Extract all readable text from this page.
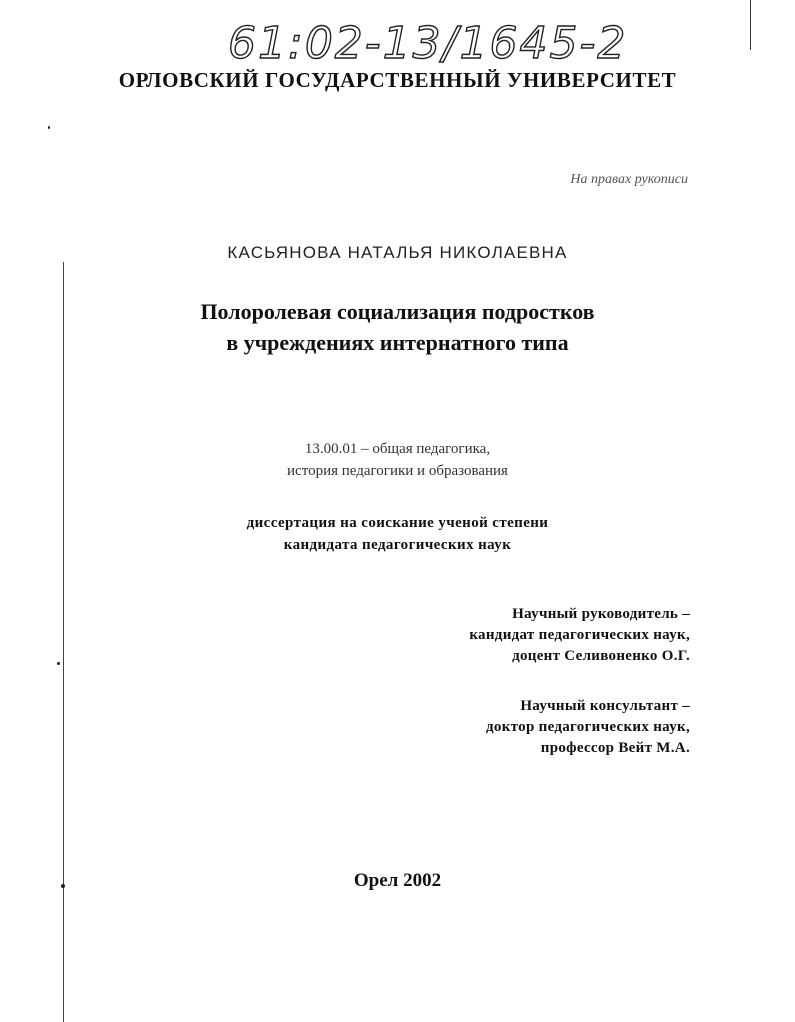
61:02-13/1645-2
ОРЛОВСКИЙ ГОСУДАРСТВЕННЫЙ УНИВЕРСИТЕТ
На правах рукописи
КАСЬЯНОВА НАТАЛЬЯ НИКОЛАЕВНА
Полоролевая социализация подростков
в учреждениях интернатного типа
13.00.01 – общая педагогика,
история педагогики и образования
диссертация на соискание ученой степени
кандидата педагогических наук
Научный руководитель –
кандидат педагогических наук,
доцент Селивоненко О.Г.
Научный консультант –
доктор педагогических наук,
профессор Вейт М.А.
Орел 2002
